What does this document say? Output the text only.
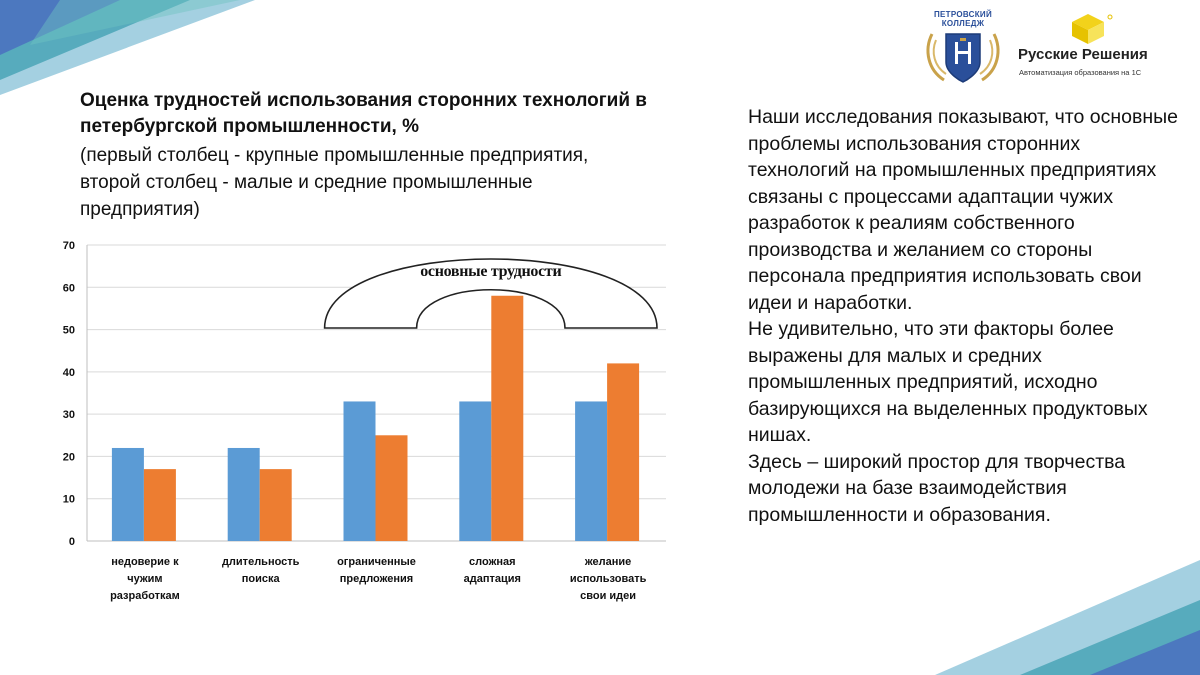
ПЕТРОВСКИЙ
КОЛЛЕДЖ
Русские Решения
Автоматизация образования на 1С
Оценка трудностей использования сторонних технологий в петербургской промышленности, %
(первый столбец - крупные промышленные предприятия, второй столбец - малые и средние промышленные предприятия)
0
10
20
30
40
50
60
70
недоверие к
чужим
разработкам
длительность
поиска
ограниченные
предложения
сложная
адаптация
желание
использовать
свои идеи
основные трудности

Наши исследования показывают, что основные проблемы использования сторонних технологий на промышленных предприятиях связаны с процессами адаптации чужих разработок к реалиям собственного производства и желанием со стороны персонала предприятия использовать свои идеи и наработки.

Не удивительно, что эти факторы более выражены для малых и средних промышленных предприятий, исходно базирующихся на выделенных продуктовых нишах.

Здесь – широкий простор для творчества молодежи на базе взаимодействия промышленности и образования.
